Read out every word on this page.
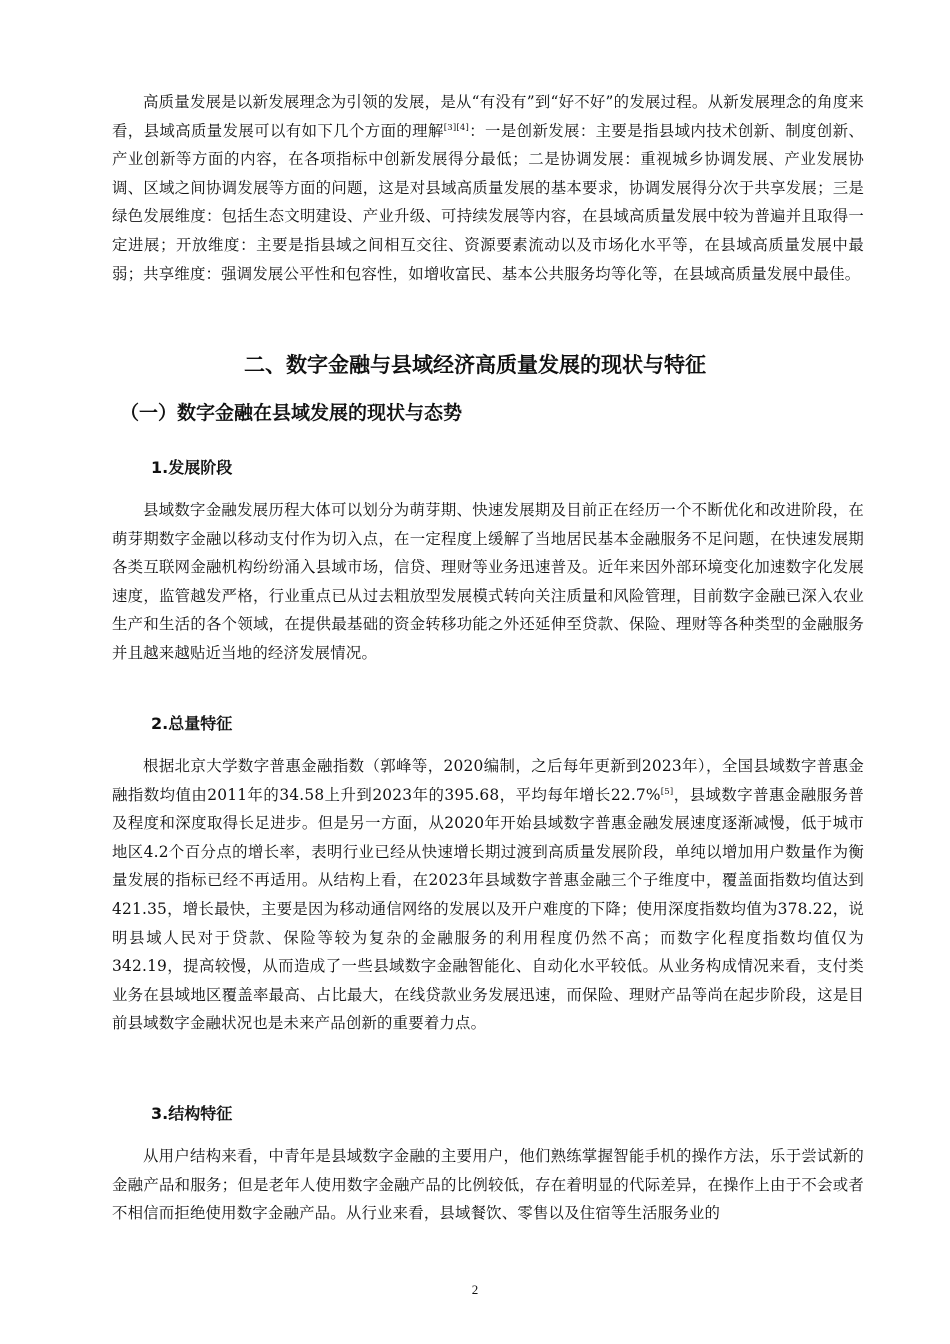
高质量发展是以新发展理念为引领的发展，是从“有没有”到“好不好”的发展过程。从新发展理念的角度来看，县域高质量发展可以有如下几个方面的理解[3][4]：一是创新发展：主要是指县域内技术创新、制度创新、产业创新等方面的内容，在各项指标中创新发展得分最低；二是协调发展：重视城乡协调发展、产业发展协调、区域之间协调发展等方面的问题，这是对县域高质量发展的基本要求，协调发展得分次于共享发展；三是绿色发展维度：包括生态文明建设、产业升级、可持续发展等内容，在县域高质量发展中较为普遍并且取得一定进展；开放维度：主要是指县域之间相互交往、资源要素流动以及市场化水平等，在县域高质量发展中最弱；共享维度：强调发展公平性和包容性，如增收富民、基本公共服务均等化等，在县域高质量发展中最佳。

二、数字金融与县域经济高质量发展的现状与特征
（一）数字金融在县域发展的现状与态势
1.发展阶段

县域数字金融发展历程大体可以划分为萌芽期、快速发展期及目前正在经历一个不断优化和改进阶段，在萌芽期数字金融以移动支付作为切入点，在一定程度上缓解了当地居民基本金融服务不足问题，在快速发展期各类互联网金融机构纷纷涌入县域市场，信贷、理财等业务迅速普及。近年来因外部环境变化加速数字化发展速度，监管越发严格，行业重点已从过去粗放型发展模式转向关注质量和风险管理，目前数字金融已深入农业生产和生活的各个领域，在提供最基础的资金转移功能之外还延伸至贷款、保险、理财等各种类型的金融服务并且越来越贴近当地的经济发展情况。

2.总量特征

根据北京大学数字普惠金融指数（郭峰等，2020编制，之后每年更新到2023年），全国县域数字普惠金融指数均值由2011年的34.58上升到2023年的395.68，平均每年增长22.7%[5]，县域数字普惠金融服务普及程度和深度取得长足进步。但是另一方面，从2020年开始县域数字普惠金融发展速度逐渐减慢，低于城市地区4.2个百分点的增长率，表明行业已经从快速增长期过渡到高质量发展阶段，单纯以增加用户数量作为衡量发展的指标已经不再适用。从结构上看，在2023年县域数字普惠金融三个子维度中，覆盖面指数均值达到421.35，增长最快，主要是因为移动通信网络的发展以及开户难度的下降；使用深度指数均值为378.22，说明县域人民对于贷款、保险等较为复杂的金融服务的利用程度仍然不高；而数字化程度指数均值仅为342.19，提高较慢，从而造成了一些县域数字金融智能化、自动化水平较低。从业务构成情况来看，支付类业务在县域地区覆盖率最高、占比最大，在线贷款业务发展迅速，而保险、理财产品等尚在起步阶段，这是目前县域数字金融状况也是未来产品创新的重要着力点。

3.结构特征

从用户结构来看，中青年是县域数字金融的主要用户，他们熟练掌握智能手机的操作方法，乐于尝试新的金融产品和服务；但是老年人使用数字金融产品的比例较低，存在着明显的代际差异，在操作上由于不会或者不相信而拒绝使用数字金融产品。从行业来看，县域餐饮、零售以及住宿等生活服务业的

2
